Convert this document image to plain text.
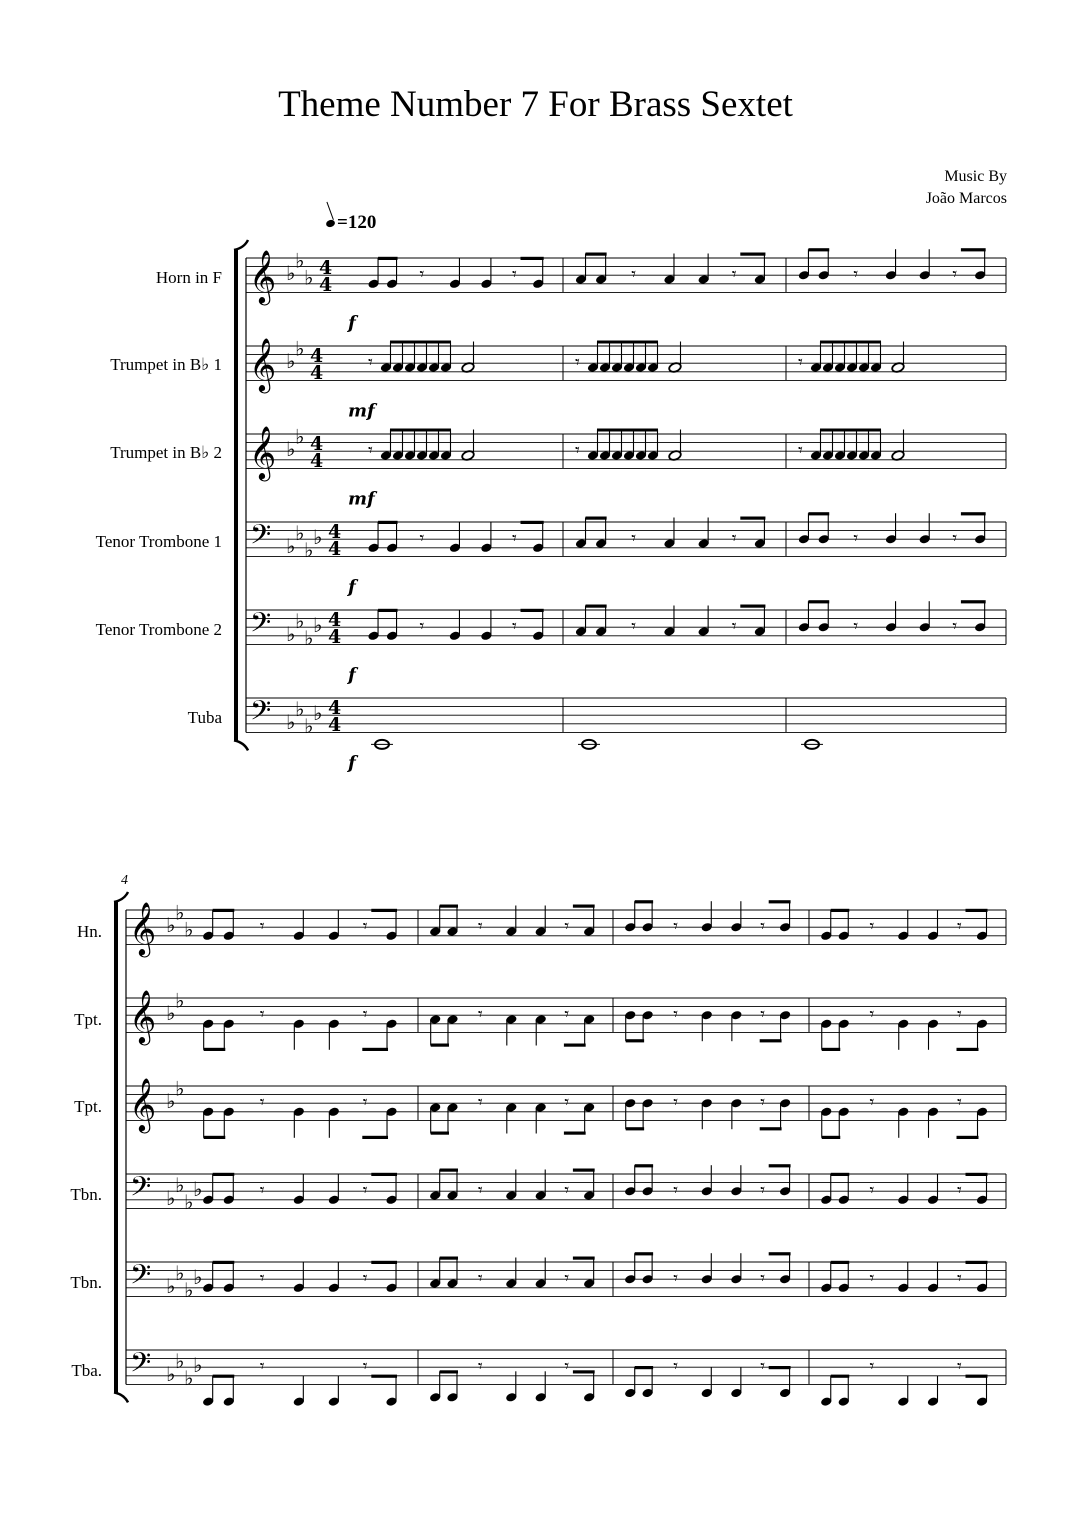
Theme Number 7 For Brass Sextet
Music By
João Marcos
=120
Horn in F
Trumpet in B♭ 1
Trumpet in B♭ 2
Tenor Trombone 1
Tenor Trombone 2
Tuba
4
Hn.
Tpt.
Tpt.
Tbn.
Tbn.
Tba.
𝄞 ♭
♭
♭ 4
4
f
𝄾	𝄾	𝄾	𝄾	𝄾	𝄾
𝄞 ♭
♭ 4
4
mf
𝄾	𝄾	𝄾
𝄞 ♭
♭ 4
4
mf
𝄾	𝄾	𝄾
𝄢 ♭
♭
♭
♭ 4
4
f
𝄾	𝄾	𝄾	𝄾	𝄾	𝄾
𝄢 ♭
♭
♭
♭ 4
4
f
𝄾	𝄾	𝄾	𝄾	𝄾	𝄾
𝄢 ♭
♭
♭
♭ 4
4
f
𝄞 ♭
♭
♭	𝄾	𝄾	𝄾	𝄾	𝄾	𝄾	𝄾	𝄾
𝄞 ♭
♭
𝄾	𝄾	𝄾	𝄾	𝄾	𝄾	𝄾	𝄾
𝄞 ♭
♭
𝄾	𝄾	𝄾	𝄾	𝄾	𝄾	𝄾	𝄾
𝄢 ♭
♭
♭
♭	𝄾	𝄾	𝄾	𝄾	𝄾	𝄾	𝄾	𝄾
𝄢 ♭
♭
♭
♭	𝄾	𝄾	𝄾	𝄾	𝄾	𝄾	𝄾	𝄾
𝄢 ♭
♭
♭
♭	𝄾	𝄾	𝄾	𝄾	𝄾	𝄾	𝄾	𝄾
